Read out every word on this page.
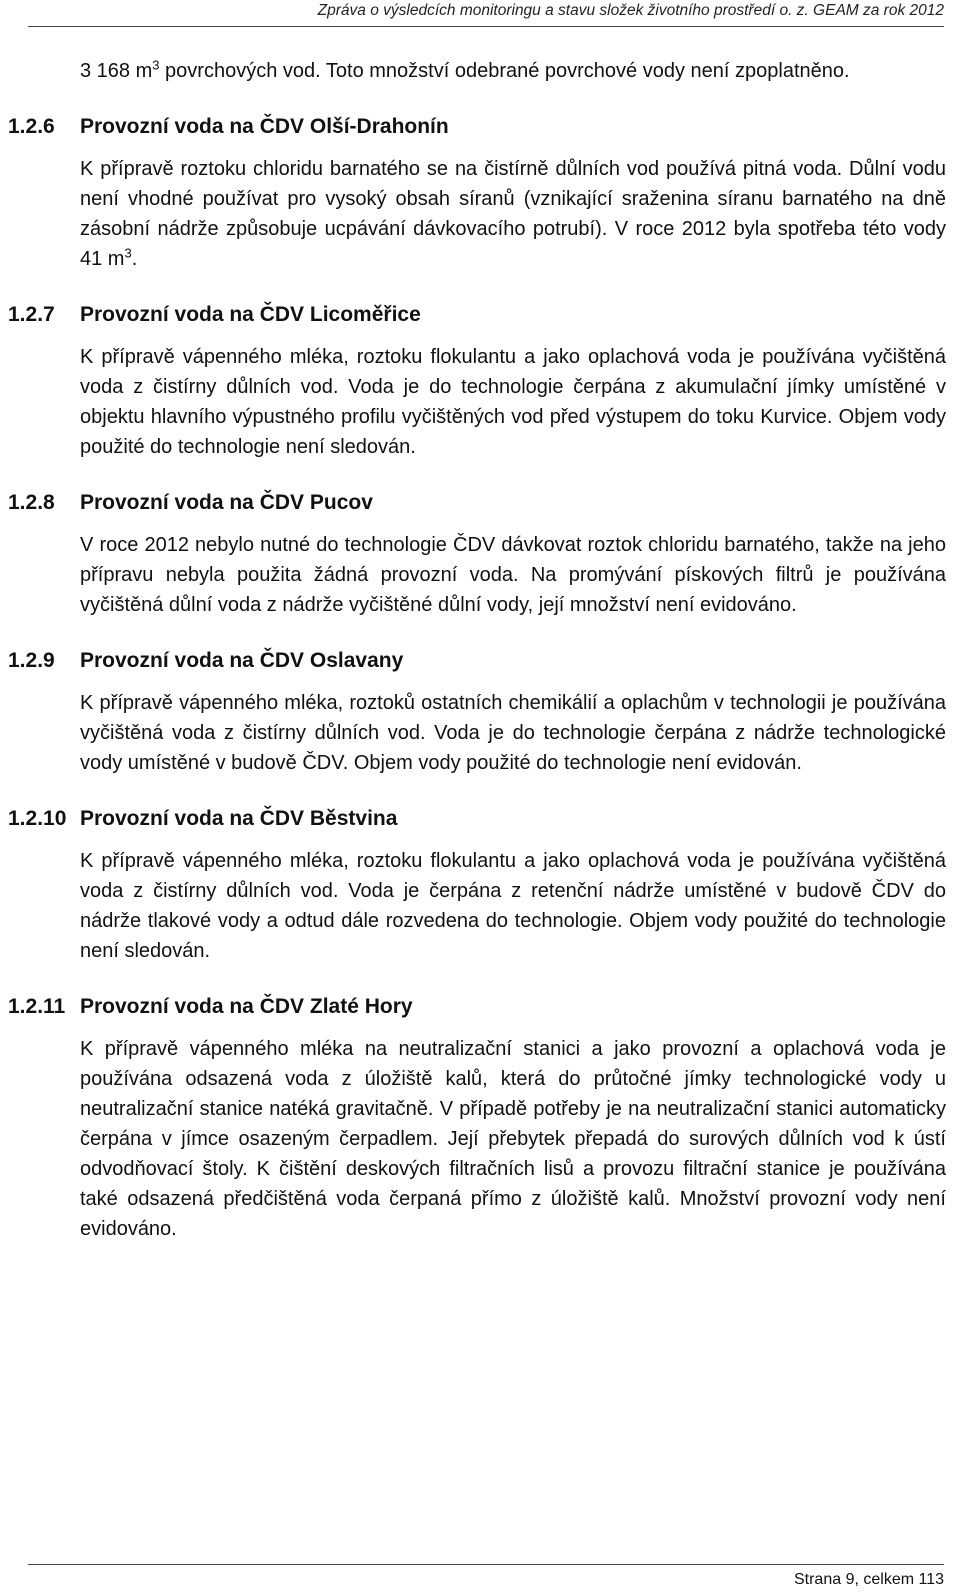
Zpráva o výsledcích monitoringu a stavu složek životního prostředí o. z. GEAM za rok 2012

3 168 $m^3$ povrchových vod. Toto množství odebrané povrchové vody není zpoplatněno.

1.2.6 Provozní voda na ČDV Olší-Drahonín

K přípravě roztoku chloridu barnatého se na čistírně důlních vod používá pitná voda. Důlní vodu není vhodné používat pro vysoký obsah síranů (vznikající sraženina síranu barnatého na dně zásobní nádrže způsobuje ucpávání dávkovacího potrubí). V roce 2012 byla spotřeba této vody 41 $m^3$.

1.2.7 Provozní voda na ČDV Licoměřice

K přípravě vápenného mléka, roztoku flokulantu a jako oplachová voda je používána vyčištěná voda z čistírny důlních vod. Voda je do technologie čerpána z akumulační jímky umístěné v objektu hlavního výpustného profilu vyčištěných vod před výstupem do toku Kurvice. Objem vody použité do technologie není sledován.

1.2.8 Provozní voda na ČDV Pucov

V roce 2012 nebylo nutné do technologie ČDV dávkovat roztok chloridu barnatého, takže na jeho přípravu nebyla použita žádná provozní voda. Na promývání pískových filtrů je používána vyčištěná důlní voda z nádrže vyčištěné důlní vody, její množství není evidováno.

1.2.9 Provozní voda na ČDV Oslavany

K přípravě vápenného mléka, roztoků ostatních chemikálií a oplachům v technologii je používána vyčištěná voda z čistírny důlních vod. Voda je do technologie čerpána z nádrže technologické vody umístěné v budově ČDV. Objem vody použité do technologie není evidován.

1.2.10 Provozní voda na ČDV Běstvina

K přípravě vápenného mléka, roztoku flokulantu a jako oplachová voda je používána vyčištěná voda z čistírny důlních vod. Voda je čerpána z retenční nádrže umístěné v budově ČDV do nádrže tlakové vody a odtud dále rozvedena do technologie. Objem vody použité do technologie není sledován.

1.2.11 Provozní voda na ČDV Zlaté Hory

K přípravě vápenného mléka na neutralizační stanici a jako provozní a oplachová voda je používána odsazená voda z úložiště kalů, která do průtočné jímky technologické vody u neutralizační stanice natéká gravitačně. V případě potřeby je na neutralizační stanici automaticky čerpána v jímce osazeným čerpadlem. Její přebytek přepadá do surových důlních vod k ústí odvodňovací štoly. K čištění deskových filtračních lisů a provozu filtrační stanice je používána také odsazená předčištěná voda čerpaná přímo z úložiště kalů. Množství provozní vody není evidováno.

Strana 9, celkem 113
